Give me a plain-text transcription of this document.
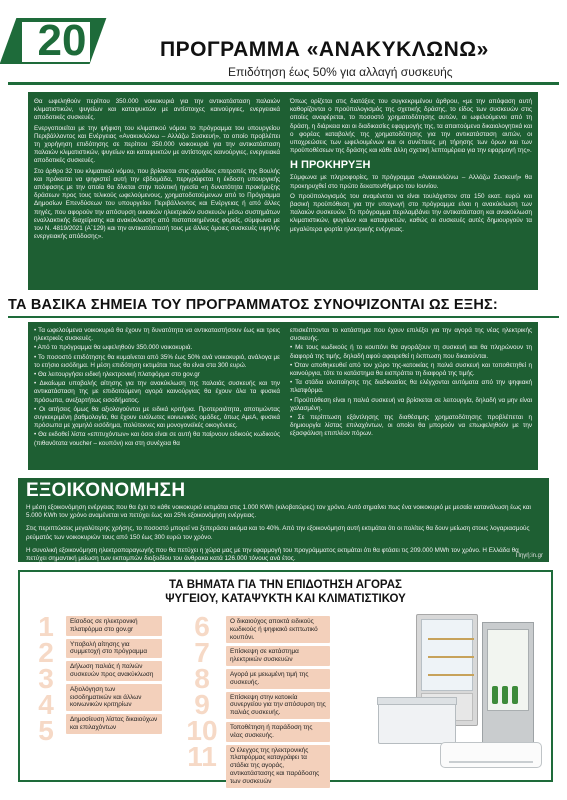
20	ΠΡΟΓΡΑΜΜΑ «ΑΝΑΚΥΚΛΩΝΩ»
Επιδότηση έως 50% για αλλαγή συσκευής

Θα ωφεληθούν περίπου 350.000 νοικοκυριά για την αντικατάσταση παλαιών κλιματιστικών, ψυγείων και καταψυκτών με αντίστοιχες καινούργιες, ενεργειακά αποδοτικές συσκευές.

Ενεργοποιείται με την ψήφιση του κλιματικού νόμου το πρόγραμμα του υπουργείου Περιβάλλοντος και Ενέργειας «Ανακυκλώνω – Αλλάζω Συσκευή», το οποίο προβλέπει τη χορήγηση επιδότησης σε περίπου 350.000 νοικοκυριά για την αντικατάσταση παλαιών κλιματιστικών, ψυγείων και καταψυκτών με αντίστοιχες καινούργιες, ενεργειακά αποδοτικές συσκευές.

Στο άρθρο 32 του κλιματικού νόμου, που βρίσκεται στις αρμόδιες επιτροπές της Βουλής και πρόκειται να ψηφιστεί αυτή την εβδομάδα, περιγράφεται η έκδοση υπουργικής απόφασης με την οποία θα δίνεται στην πολιτική ηγεσία «η δυνατότητα προκήρυξης δράσεων προς τους τελικούς ωφελούμενους, χρηματοδοτούμενων από το Πρόγραμμα Δημοσίων Επενδύσεων του υπουργείου Περιβάλλοντος και Ενέργειας ή από άλλες πηγές, που αφορούν την απόσυρση οικιακών ηλεκτρικών συσκευών μέσω συστημάτων εναλλακτικής διαχείρισης και ανακύκλωσης από πιστοποιημένους φορείς, σύμφωνα με τον Ν. 4819/2021 (Α΄129) και την αντικατάστασή τους με άλλες όμοιες συσκευές υψηλής ενεργειακής απόδοσης».

Όπως ορίζεται στις διατάξεις του συγκεκριμένου άρθρου, «με την απόφαση αυτή καθορίζονται ο προϋπολογισμός της σχετικής δράσης, το είδος των συσκευών στις οποίες αναφέρεται, το ποσοστό χρηματοδότησης αυτών, οι ωφελούμενοι από τη δράση, η διάρκεια και οι διαδικασίες εφαρμογής της, τα απαιτούμενα δικαιολογητικά και ο φορέας καταβολής της χρηματοδότησης για την αντικατάσταση αυτών, οι υποχρεώσεις των ωφελουμένων και οι συνέπειες μη τήρησης των όρων και των προϋποθέσεων της δράσης και κάθε άλλη σχετική λεπτομέρεια για την εφαρμογή της».

Η ΠΡΟΚΗΡΥΞΗ

Σύμφωνα με πληροφορίες, το πρόγραμμα «Ανακυκλώνω – Αλλάζω Συσκευή» θα προκηρυχθεί στο πρώτο δεκαπενθήμερο του Ιουνίου.

Ο προϋπολογισμός του αναμένεται να είναι τουλάχιστον στα 150 εκατ. ευρώ και βασική προϋπόθεση για την υπαγωγή στο πρόγραμμα είναι η ανακύκλωση των παλαιών συσκευών. Το πρόγραμμα περιλαμβάνει την αντικατάσταση και ανακύκλωση κλιματιστικών, ψυγείων και καταψυκτών, καθώς οι συσκευές αυτές δημιουργούν τα μεγαλύτερα φορτία ηλεκτρικής ενέργειας.

ΤΑ ΒΑΣΙΚΑ ΣΗΜΕΙΑ ΤΟΥ ΠΡΟΓΡΑΜΜΑΤΟΣ ΣΥΝΟΨΙΖΟΝΤΑΙ ΩΣ ΕΞΗΣ:
• Τα ωφελούμενα νοικοκυριά θα έχουν τη δυνατότητα να αντικαταστήσουν έως και τρεις ηλεκτρικές συσκευές.
• Από το πρόγραμμα θα ωφεληθούν 350.000 νοικοκυριά.
• Το ποσοστό επιδότησης θα κυμαίνεται από 35% έως 50% ανά νοικοκυριό, ανάλογα με το ετήσιο εισόδημα. Η μέση επιδότηση εκτιμάται πως θα είναι στα 300 ευρώ.
• Θα λειτουργήσει ειδική ηλεκτρονική πλατφόρμα στο gov.gr
• Δικαίωμα υποβολής αίτησης για την ανακύκλωση της παλαιάς συσκευής και την αντικατάσταση της με επιδοτούμενη αγορά καινούργιας θα έχουν όλα τα φυσικά πρόσωπα, ανεξαρτήτως εισοδήματος.
• Οι αιτήσεις όμως θα αξιολογούνται με ειδικά κριτήρια. Προτεραιότητα, αποτιμώντας συγκεκριμένη βαθμολογία, θα έχουν ευάλωτες κοινωνικές ομάδες, όπως ΑμεΑ, φυσικά πρόσωπα με χαμηλό εισόδημα, πολύτεκνες και μονογονεϊκές οικογένειες.
• Θα εκδοθεί λίστα «επιτυχόντων» και όσοι είναι σε αυτή θα παίρνουν ειδικούς κωδικούς (πιθανότατα voucher – κουπόνι) και στη συνέχεια θα
επισκέπτονται το κατάστημα που έχουν επιλέξει για την αγορά της νέας ηλεκτρικής συσκευής.
• Με τους κωδικούς ή το κουπόνι θα αγοράζουν τη συσκευή και θα πληρώνουν τη διαφορά της τιμής, δηλαδή αφού αφαιρεθεί η έκπτωση που δικαιούνται.
• Όταν αποθηκευθεί από τον χώρο της-κατοικίας η παλιά συσκευή και τοποθετηθεί η καινούργια, τότε το κατάστημα θα εισπράττει τη διαφορά της τιμής.
• Τα στάδια υλοποίησης της διαδικασίας θα ελέγχονται αυτόματα από την ψηφιακή πλατφόρμα.
• Προϋπόθεση είναι η παλιά συσκευή να βρίσκεται σε λειτουργία, δηλαδή να μην είναι χαλασμένη.
• Σε περίπτωση εξάντλησης της διαθέσιμης χρηματοδότησης προβλέπεται η δημιουργία λίστας επιλαχόντων, οι οποίοι θα μπορούν να επωφεληθούν με την εξασφάλιση επιπλέον πόρων.
ΕΞΟΙΚΟΝΟΜΗΣΗ

Η μέση εξοικονόμηση ενέργειας που θα έχει το κάθε νοικοκυριό εκτιμάται στις 1.000 KWh (κιλοβατώρες) τον χρόνο. Αυτό σημαίνει πως ένα νοικοκυριό με μεσαία κατανάλωση έως και 5.000 KWh τον χρόνο αναμένεται να πετύχει έως και 25% εξοικονόμηση ενέργειας.

Στις περιπτώσεις μεγαλύτερης χρήσης, το ποσοστό μπορεί να ξεπεράσει ακόμα και το 40%. Από την εξοικονόμηση αυτή εκτιμάται ότι οι πολίτες θα δουν μείωση στους λογαριασμούς ρεύματός των νοικοκυριών τους από 150 έως 300 ευρώ τον χρόνο.

Η συνολική εξοικονόμηση ηλεκτροπαραγωγής που θα πετύχει η χώρα μας με την εφαρμογή του προγράμματος εκτιμάται ότι θα φτάσει τις 209.000 MWh τον χρόνο. Η Ελλάδα θα πετύχει σημαντική μείωση των εκπομπών διοξειδίου του άνθρακα κατά 126.000 τόνους ανά έτος.	Πηγή:in.gr
ΤΑ ΒΗΜΑΤΑ ΓΙΑ ΤΗΝ ΕΠΙΔΟΤΗΣΗ ΑΓΟΡΑΣ
ΨΥΓΕΙΟΥ, ΚΑΤΑΨΥΚΤΗ ΚΑΙ ΚΛΙΜΑΤΙΣΤΙΚΟΥ
1
2
3
4
5
Είσοδος σε ηλεκτρονική πλατφόρμα στο gov.gr
Υποβολή αίτησης για συμμετοχή στο πρόγραμμα
Δήλωση παλιάς ή παλιών συσκευών προς ανακύκλωση
Αξιολόγηση των εισοδηματικών και άλλων κοινωνικών κριτηρίων
Δημοσίευση λίστας δικαιούχων και επιλαχόντων
6
7
8
9
10
11
Ο δικαιούχος αποκτά ειδικούς κωδικούς ή ψηφιακό εκπτωτικό κουπόνι.
Επίσκεψη σε κατάστημα ηλεκτρικών συσκευών
Αγορά με μειωμένη τιμή της συσκευής.
Επίσκεψη στην κατοικία συνεργείου για την απόσυρση της παλιάς συσκευής.
Τοποθέτηση ή παράδοση της νέας συσκευής.
Ο έλεγχος της ηλεκτρονικής πλατφόρμας καταγράφει τα στάδια της αγοράς, αντικατάστασης και παράδοσης των συσκευών
